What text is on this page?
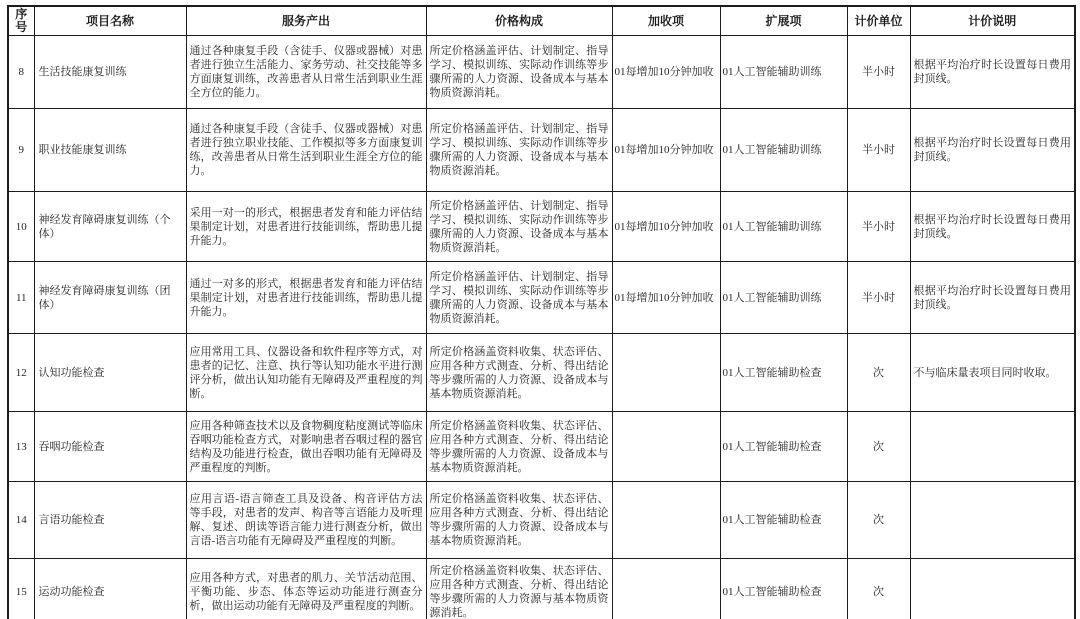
序号	项目名称	服务产出	价格构成	加收项	扩展项	计价单位	计价说明
8	生活技能康复训练	通过各种康复手段（含徒手、仪器或器械）对患者进行独立生活能力、家务劳动、社交技能等多方面康复训练，改善患者从日常生活到职业生涯全方位的能力。	所定价格涵盖评估、计划制定、指导学习、模拟训练、实际动作训练等步骤所需的人力资源、设备成本与基本物质资源消耗。	01每增加10分钟加收	01人工智能辅助训练	半小时	根据平均治疗时长设置每日费用封顶线。
9	职业技能康复训练	通过各种康复手段（含徒手、仪器或器械）对患者进行独立职业技能、工作模拟等多方面康复训练，改善患者从日常生活到职业生涯全方位的能力。	所定价格涵盖评估、计划制定、指导学习、模拟训练、实际动作训练等步骤所需的人力资源、设备成本与基本物质资源消耗。	01每增加10分钟加收	01人工智能辅助训练	半小时	根据平均治疗时长设置每日费用封顶线。
10	神经发育障碍康复训练（个体）	采用一对一的形式，根据患者发育和能力评估结果制定计划，对患者进行技能训练，帮助患儿提升能力。	所定价格涵盖评估、计划制定、指导学习、模拟训练、实际动作训练等步骤所需的人力资源、设备成本与基本物质资源消耗。	01每增加10分钟加收	01人工智能辅助训练	半小时	根据平均治疗时长设置每日费用封顶线。
11	神经发育障碍康复训练（团体）	通过一对多的形式，根据患者发育和能力评估结果制定计划，对患者进行技能训练，帮助患儿提升能力。	所定价格涵盖评估、计划制定、指导学习、模拟训练、实际动作训练等步骤所需的人力资源、设备成本与基本物质资源消耗。	01每增加10分钟加收	01人工智能辅助训练	半小时	根据平均治疗时长设置每日费用封顶线。
12	认知功能检查	应用常用工具、仪器设备和软件程序等方式，对患者的记忆、注意、执行等认知功能水平进行测评分析，做出认知功能有无障碍及严重程度的判断。	所定价格涵盖资料收集、状态评估、应用各种方式测查、分析、得出结论等步骤所需的人力资源、设备成本与基本物质资源消耗。		01人工智能辅助检查	次	不与临床量表项目同时收取。
13	吞咽功能检查	应用各种筛查技术以及食物稠度粘度测试等临床吞咽功能检查方式，对影响患者吞咽过程的器官结构及功能进行检查，做出吞咽功能有无障碍及严重程度的判断。	所定价格涵盖资料收集、状态评估、应用各种方式测查、分析、得出结论等步骤所需的人力资源、设备成本与基本物质资源消耗。		01人工智能辅助检查	次	
14	言语功能检查	应用言语-语言筛查工具及设备、构音评估方法等手段，对患者的发声、构音等言语能力及听理解、复述、朗读等语言能力进行测查分析，做出言语-语言功能有无障碍及严重程度的判断。	所定价格涵盖资料收集、状态评估、应用各种方式测查、分析、得出结论等步骤所需的人力资源、设备成本与基本物质资源消耗。		01人工智能辅助检查	次	
15	运动功能检查	应用各种方式，对患者的肌力、关节活动范围、平衡功能、步态、体态等运动功能进行测查分析，做出运动功能有无障碍及严重程度的判断。	所定价格涵盖资料收集、状态评估、应用各种方式测查、分析、得出结论等步骤所需的人力资源与基本物质资源消耗。		01人工智能辅助检查	次	
